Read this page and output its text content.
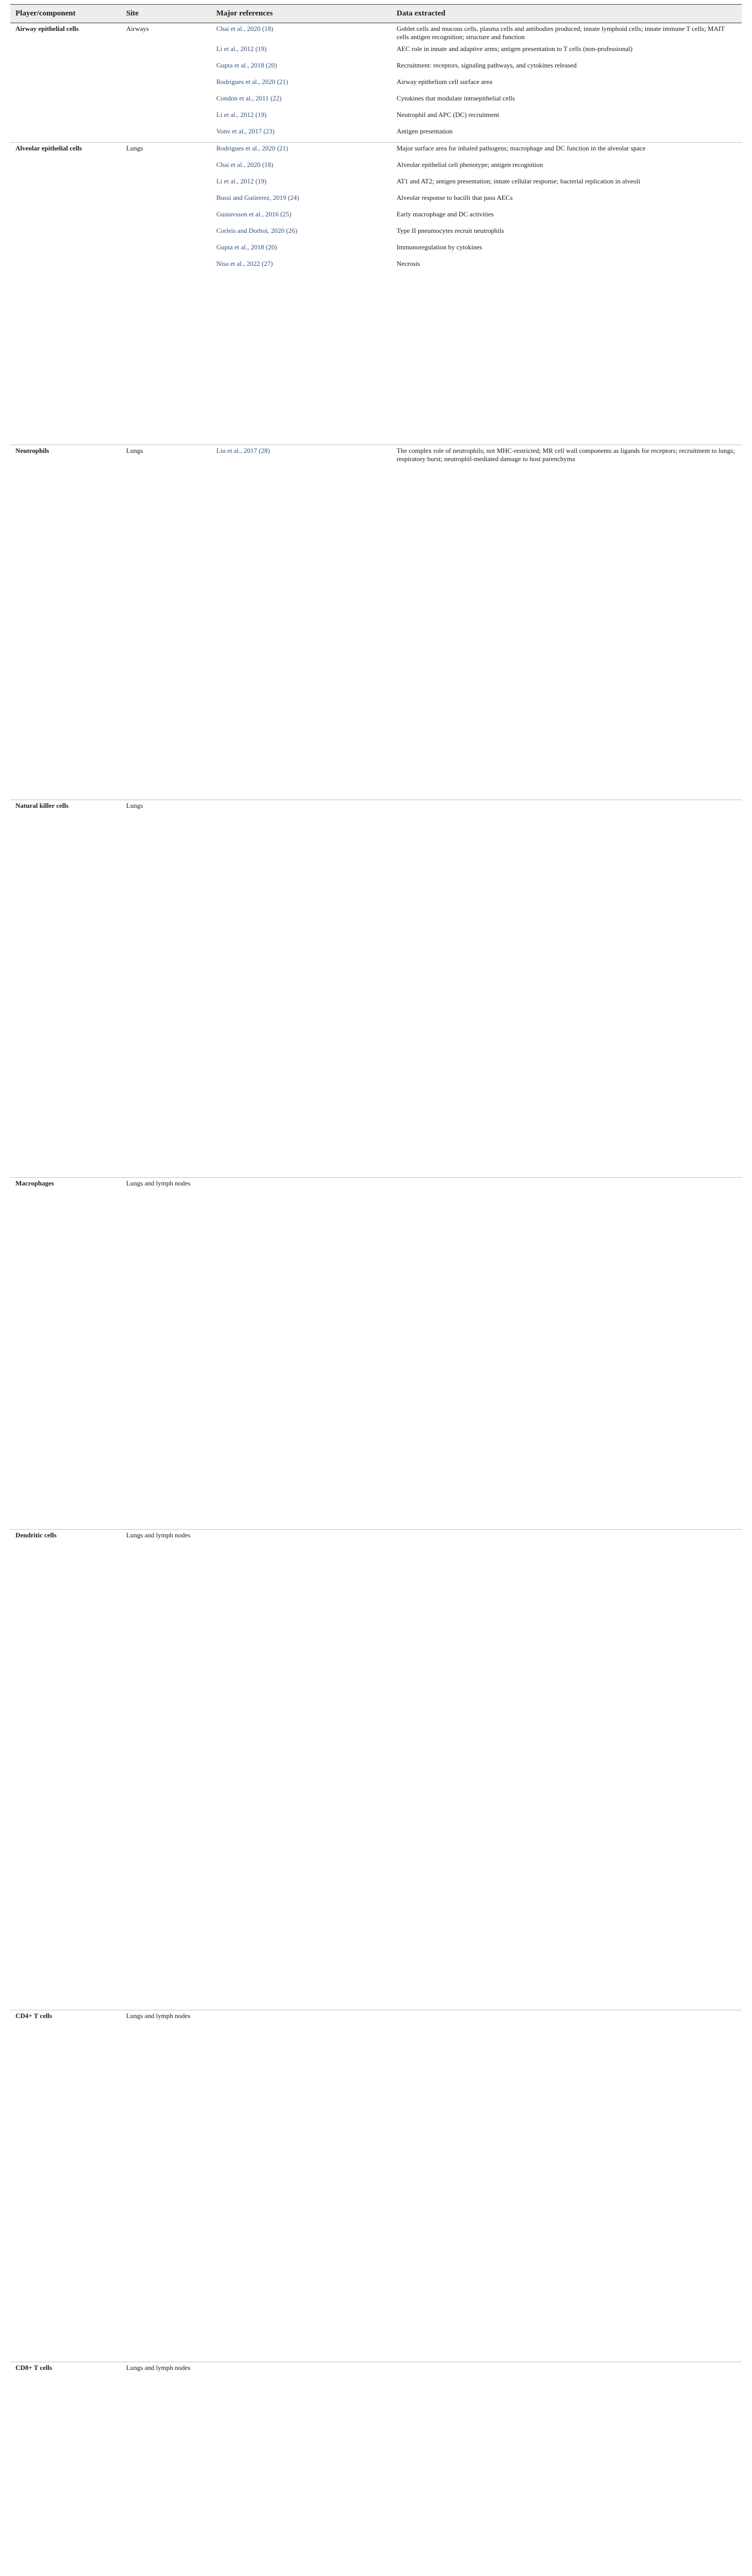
Player/component	Site	Major references	Data extracted
Airway epithelial cells	Airways	Chai et al., 2020 (18)	Goblet cells and mucous cells, plasma cells and antibodies produced; innate lymphoid cells; innate immune T cells; MAIT cells antigen recognition; structure and function
		Li et al., 2012 (19)	AEC role in innate and adaptive arms; antigen presentation to T cells (non-professional)
		Gupta et al., 2018 (20)	Recruitment: receptors, signaling pathways, and cytokines released
		Rodrigues et al., 2020 (21)	Airway epithelium cell surface area
		Condon et al., 2011 (22)	Cytokines that modulate intraepithelial cells
		Li et al., 2012 (19)	Neutrophil and APC (DC) recruitment
		Vonv et al., 2017 (23)	Antigen presentation
Alveolar epithelial cells	Lungs	Rodrigues et al., 2020 (21)	Major surface area for inhaled pathogens; macrophage and DC function in the alveolar space
		Chai et al., 2020 (18)	Alveolar epithelial cell phenotype; antigen recognition
		Li et al., 2012 (19)	AT1 and AT2; antigen presentation; innate cellular response; bacterial replication in alveoli
		Bussi and Gutierrez, 2019 (24)	Alveolar response to bacilli that pass AECs
		Gustavsson et al., 2016 (25)	Early macrophage and DC activities
		Corleis and Dorhoi, 2020 (26)	Type II pneumocytes recruit neutrophils
		Gupta et al., 2018 (20)	Immunoregulation by cytokines
		Nisa et al., 2022 (27)	Necrosis

Neutrophils	Lungs	Liu et al., 2017 (28)	The complex role of neutrophils; not MHC-restricted; MR cell wall components as ligands for receptors; recruitment to lungs; respiratory burst; neutrophil-mediated damage to host parenchyma

Natural killer cells	Lungs		

Macrophages	Lungs and lymph nodes		

Dendritic cells	Lungs and lymph nodes		

CD4+ T cells	Lungs and lymph nodes		

CD8+ T cells	Lungs and lymph nodes		
